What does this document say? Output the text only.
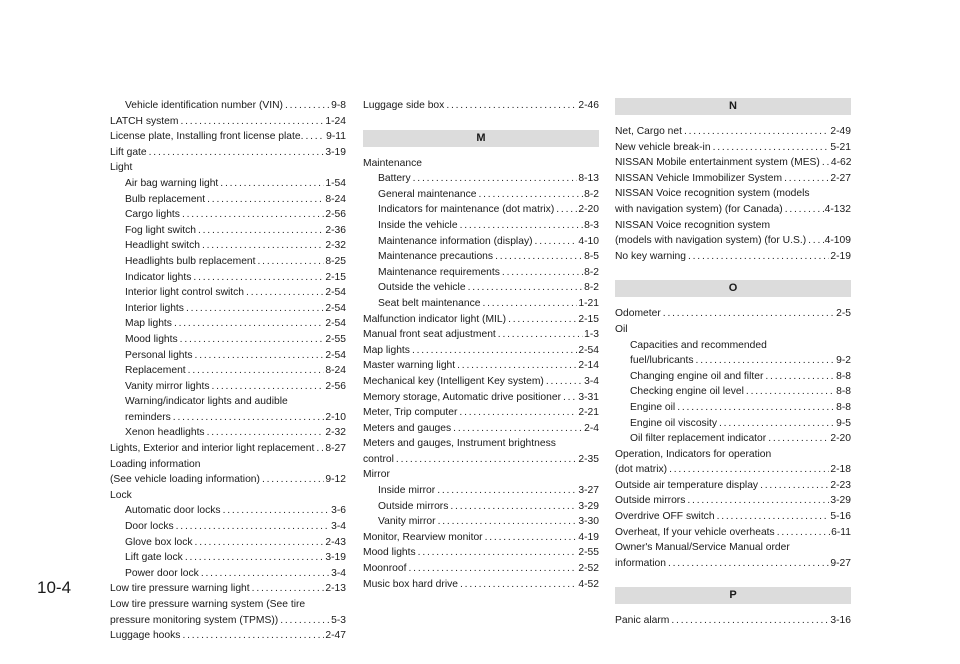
Vehicle identification number (VIN) .....	9-8
LATCH system .....	1-24
License plate, Installing front license plate. ..... 9-11
Lift gate .....	3-19
Light
Air bag warning light .....	1-54
Bulb replacement .....	8-24
Cargo lights .....	2-56
Fog light switch .....	2-36
Headlight switch .....	2-32
Headlights bulb replacement .....	8-25
Indicator lights .....	2-15
Interior light control switch .....	2-54
Interior lights .....	2-54
Map lights .....	2-54
Mood lights .....	2-55
Personal lights .....	2-54
Replacement .....	8-24
Vanity mirror lights .....	2-56
Warning/indicator lights and audible
reminders .....	2-10
Xenon headlights .....	2-32
Lights, Exterior and interior light replacement ..... 8-27
Loading information
(See vehicle loading information) .....	9-12
Lock
Automatic door locks .....	3-6
Door locks .....	3-4
Glove box lock .....	2-43
Lift gate lock .....	3-19
Power door lock .....	3-4
Low tire pressure warning light .....	2-13
Low tire pressure warning system (See tire
pressure monitoring system (TPMS)) .....	5-3
Luggage hooks .....	2-47
Luggage side box .....	2-46
M
Maintenance
Battery .....	8-13
General maintenance .....	8-2
Indicators for maintenance (dot matrix) ..... 2-20
Inside the vehicle .....	8-3
Maintenance information (display) .....	4-10
Maintenance precautions .....	8-5
Maintenance requirements .....	8-2
Outside the vehicle .....	8-2
Seat belt maintenance .....	1-21
Malfunction indicator light (MIL) .....	2-15
Manual front seat adjustment .....	1-3
Map lights .....	2-54
Master warning light .....	2-14
Mechanical key (Intelligent Key system) .....	3-4
Memory storage, Automatic drive positioner ..... 3-31
Meter, Trip computer .....	2-21
Meters and gauges .....	2-4
Meters and gauges, Instrument brightness
control .....	2-35
Mirror
Inside mirror .....	3-27
Outside mirrors .....	3-29
Vanity mirror .....	3-30
Monitor, Rearview monitor .....	4-19
Mood lights .....	2-55
Moonroof .....	2-52
Music box hard drive .....	4-52
N
Net, Cargo net .....	2-49
New vehicle break-in .....	5-21
NISSAN Mobile entertainment system (MES) ..... 4-62
NISSAN Vehicle Immobilizer System .....	2-27
NISSAN Voice recognition system (models
with navigation system) (for Canada) .....	4-132
NISSAN Voice recognition system
(models with navigation system) (for U.S.) ..... 4-109
No key warning .....	2-19
O
Odometer .....	2-5
Oil
Capacities and recommended
fuel/lubricants .....	9-2
Changing engine oil and filter .....	8-8
Checking engine oil level .....	8-8
Engine oil .....	8-8
Engine oil viscosity .....	9-5
Oil filter replacement indicator .....	2-20
Operation, Indicators for operation
(dot matrix) .....	2-18
Outside air temperature display .....	2-23
Outside mirrors .....	3-29
Overdrive OFF switch .....	5-16
Overheat, If your vehicle overheats .....	6-11
Owner's Manual/Service Manual order
information .....	9-27
P
Panic alarm .....	3-16
10-4
